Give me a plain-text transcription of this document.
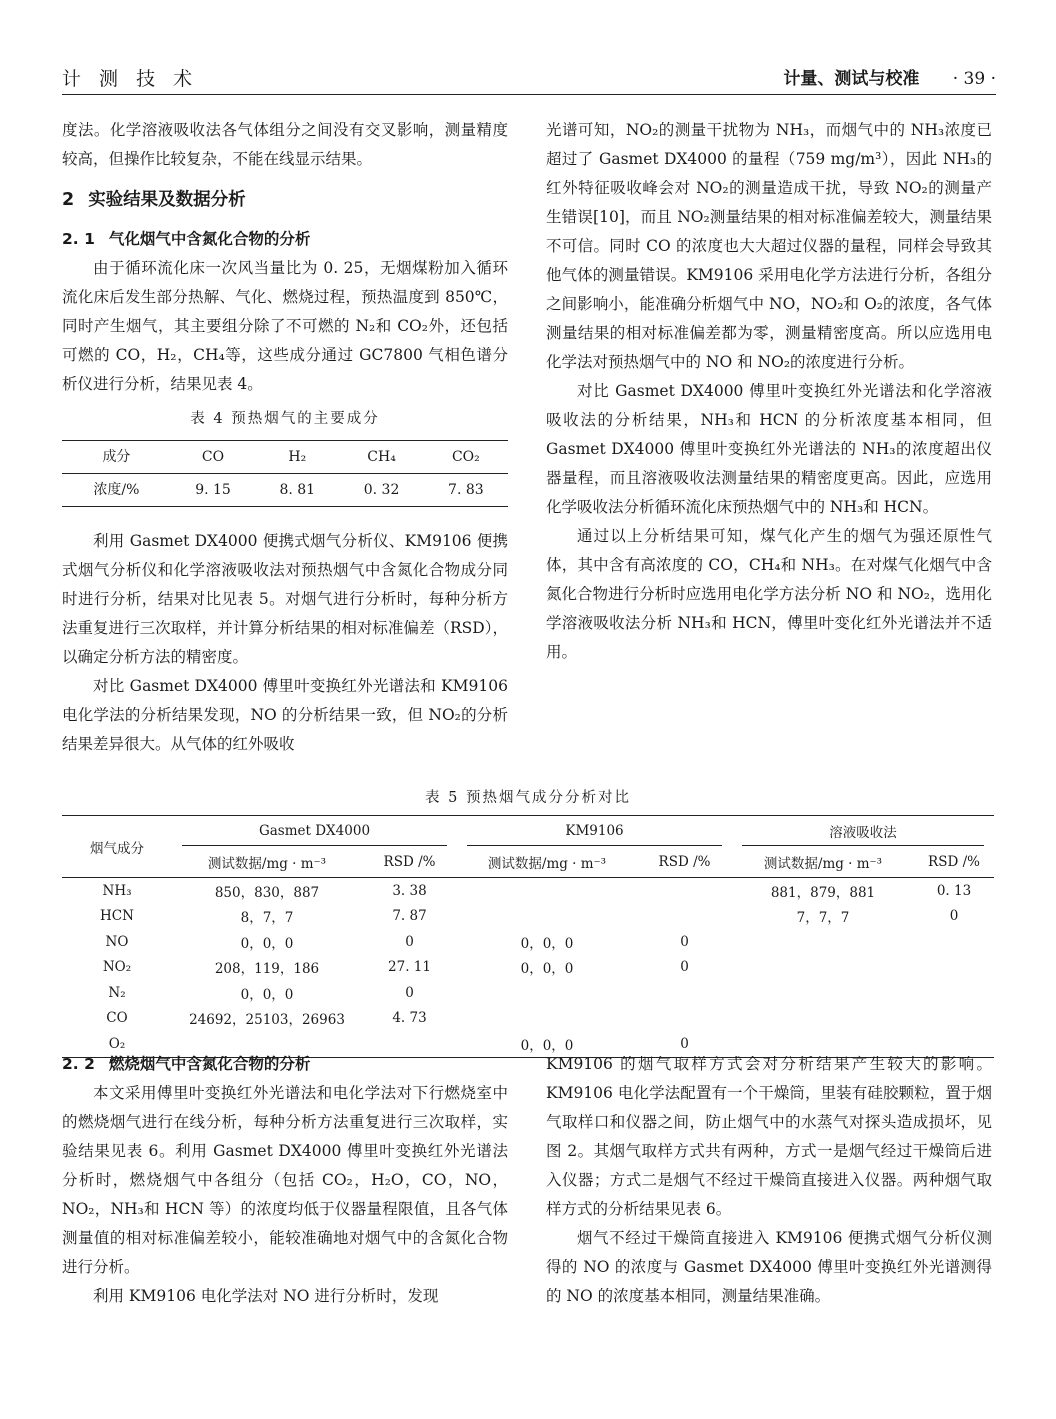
计 测 技 术	计量、测试与校准 · 39 ·

度法。化学溶液吸收法各气体组分之间没有交叉影响，测量精度较高，但操作比较复杂，不能在线显示结果。

2 实验结果及数据分析
2. 1 气化烟气中含氮化合物的分析

由于循环流化床一次风当量比为 0. 25，无烟煤粉加入循环流化床后发生部分热解、气化、燃烧过程，预热温度到 850℃，同时产生烟气，其主要组分除了不可燃的 N₂和 CO₂外，还包括可燃的 CO，H₂，CH₄等，这些成分通过 GC7800 气相色谱分析仪进行分析，结果见表 4。

表 4 预热烟气的主要成分
成分	CO	H₂	CH₄	CO₂
浓度/%	9. 15	8. 81	0. 32	7. 83

利用 Gasmet DX4000 便携式烟气分析仪、KM9106 便携式烟气分析仪和化学溶液吸收法对预热烟气中含氮化合物成分同时进行分析，结果对比见表 5。对烟气进行分析时，每种分析方法重复进行三次取样，并计算分析结果的相对标准偏差（RSD），以确定分析方法的精密度。

对比 Gasmet DX4000 傅里叶变换红外光谱法和 KM9106 电化学法的分析结果发现，NO 的分析结果一致，但 NO₂的分析结果差异很大。从气体的红外吸收

光谱可知，NO₂的测量干扰物为 NH₃，而烟气中的 NH₃浓度已超过了 Gasmet DX4000 的量程（759 mg/m³），因此 NH₃的红外特征吸收峰会对 NO₂的测量造成干扰，导致 NO₂的测量产生错误[10]，而且 NO₂测量结果的相对标准偏差较大，测量结果不可信。同时 CO 的浓度也大大超过仪器的量程，同样会导致其他气体的测量错误。KM9106 采用电化学方法进行分析，各组分之间影响小，能准确分析烟气中 NO，NO₂和 O₂的浓度，各气体测量结果的相对标准偏差都为零，测量精密度高。所以应选用电化学法对预热烟气中的 NO 和 NO₂的浓度进行分析。

对比 Gasmet DX4000 傅里叶变换红外光谱法和化学溶液吸收法的分析结果，NH₃和 HCN 的分析浓度基本相同，但 Gasmet DX4000 傅里叶变换红外光谱法的 NH₃的浓度超出仪器量程，而且溶液吸收法测量结果的精密度更高。因此，应选用化学吸收法分析循环流化床预热烟气中的 NH₃和 HCN。

通过以上分析结果可知，煤气化产生的烟气为强还原性气体，其中含有高浓度的 CO，CH₄和 NH₃。在对煤气化烟气中含氮化合物进行分析时应选用电化学方法分析 NO 和 NO₂，选用化学溶液吸收法分析 NH₃和 HCN，傅里叶变化红外光谱法并不适用。

表 5 预热烟气成分分析对比
烟气成分	Gasmet DX4000		KM9106		溶液吸收法	
	测试数据/mg · m⁻³	RSD /%	测试数据/mg · m⁻³	RSD /%	测试数据/mg · m⁻³	RSD /%
NH₃	850，830，887	3. 38			881，879，881	0. 13
HCN	8，7，7	7. 87			7，7，7	0
NO	0，0，0	0	0，0，0	0		
NO₂	208，119，186	27. 11	0，0，0	0		
N₂	0，0，0	0				
CO	24692，25103，26963	4. 73				
O₂			0，0，0	0		
2. 2 燃烧烟气中含氮化合物的分析

本文采用傅里叶变换红外光谱法和电化学法对下行燃烧室中的燃烧烟气进行在线分析，每种分析方法重复进行三次取样，实验结果见表 6。利用 Gasmet DX4000 傅里叶变换红外光谱法分析时，燃烧烟气中各组分（包括 CO₂，H₂O，CO，NO，NO₂，NH₃和 HCN 等）的浓度均低于仪器量程限值，且各气体测量值的相对标准偏差较小，能较准确地对烟气中的含氮化合物进行分析。

利用 KM9106 电化学法对 NO 进行分析时，发现

KM9106 的烟气取样方式会对分析结果产生较大的影响。KM9106 电化学法配置有一个干燥筒，里装有硅胶颗粒，置于烟气取样口和仪器之间，防止烟气中的水蒸气对探头造成损坏，见图 2。其烟气取样方式共有两种，方式一是烟气经过干燥筒后进入仪器；方式二是烟气不经过干燥筒直接进入仪器。两种烟气取样方式的分析结果见表 6。

烟气不经过干燥筒直接进入 KM9106 便携式烟气分析仪测得的 NO 的浓度与 Gasmet DX4000 傅里叶变换红外光谱测得的 NO 的浓度基本相同，测量结果准确。
